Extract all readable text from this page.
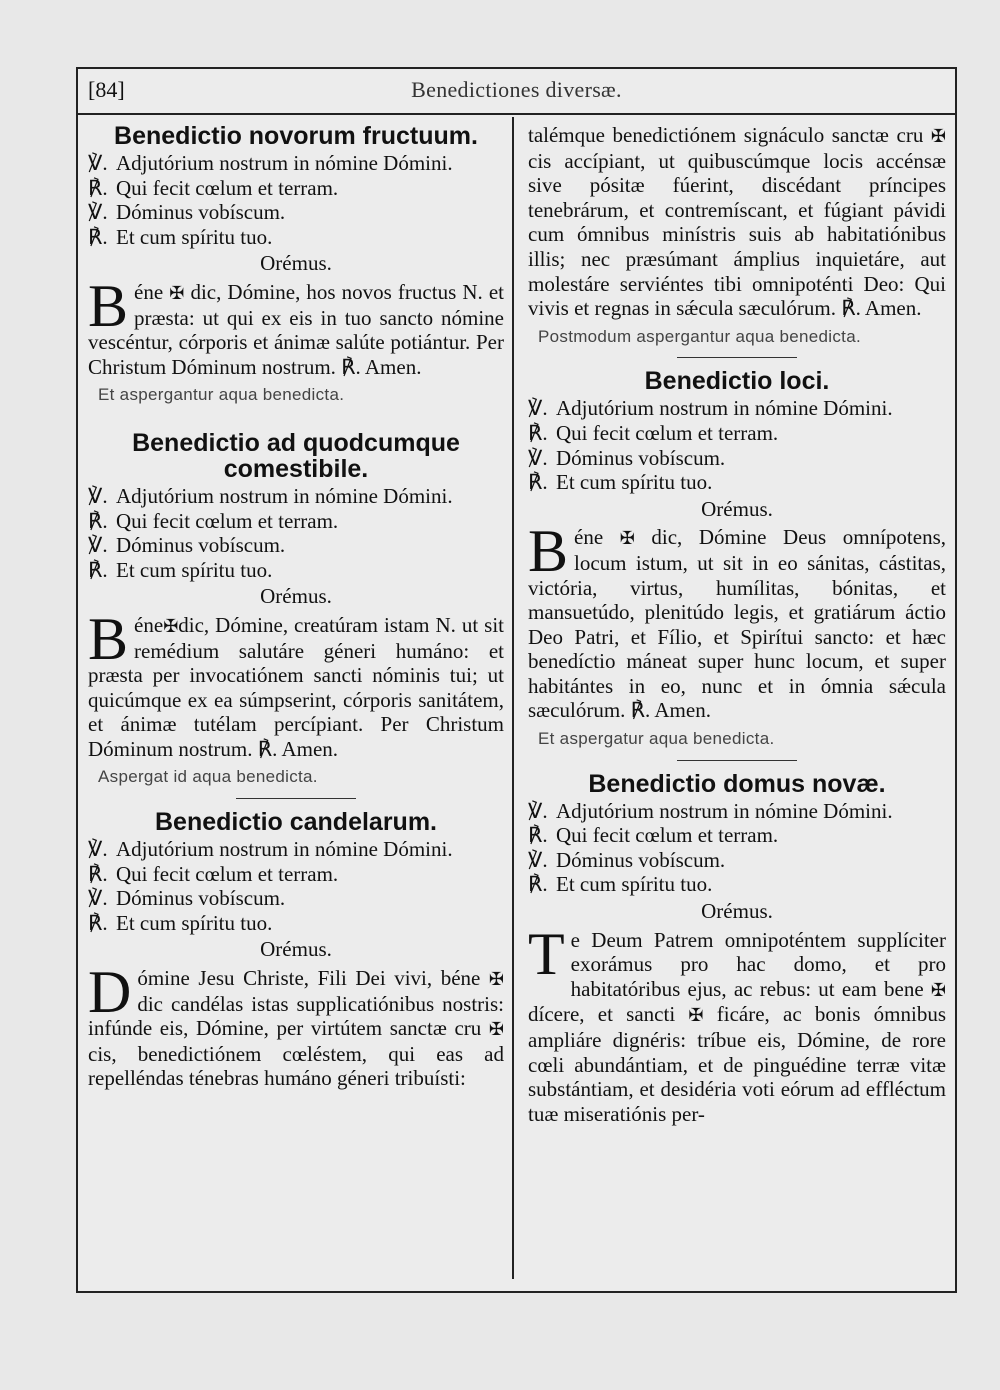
[84]	Benedictiones diversæ.
Benedictio novorum fructuum.
℣. Adjutórium nostrum in nómine Dómini.
℟. Qui fecit cœlum et terram.
℣. Dóminus vobíscum.
℟. Et cum spíritu tuo.
Orémus.
Béne ✠ dic, Dómine, hos novos fructus N. et præsta: ut qui ex eis in tuo sancto nómine vescéntur, córporis et ánimæ salúte potiántur. Per Christum Dóminum nostrum. ℟. Amen.
Et aspergantur aqua benedicta.
Benedictio ad quodcumque comestibile.
℣. Adjutórium nostrum in nómine Dómini.
℟. Qui fecit cœlum et terram.
℣. Dóminus vobíscum.
℟. Et cum spíritu tuo.
Orémus.
Béne✠dic, Dómine, creatúram istam N. ut sit remédium salutáre géneri humáno: et præsta per invocatiónem sancti nóminis tui; ut quicúmque ex ea súmpserint, córporis sanitátem, et ánimæ tutélam percípiant. Per Christum Dóminum nostrum. ℟. Amen.
Aspergat id aqua benedicta.
Benedictio candelarum.
℣. Adjutórium nostrum in nómine Dómini.
℟. Qui fecit cœlum et terram.
℣. Dóminus vobíscum.
℟. Et cum spíritu tuo.
Orémus.
Dómine Jesu Christe, Fili Dei vivi, béne ✠ dic candélas istas supplicatiónibus nostris: infúnde eis, Dómine, per virtútem sanctæ cru ✠ cis, benedictiónem cœléstem, qui eas ad repelléndas ténebras humáno géneri tribuísti:
talémque benedictiónem signáculo sanctæ cru ✠ cis accípiant, ut quibuscúmque locis accénsæ sive pósitæ fúerint, discédant príncipes tenebrárum, et contremíscant, et fúgiant pávidi cum ómnibus minístris suis ab habitatiónibus illis; nec præsúmant ámplius inquietáre, aut molestáre serviéntes tibi omnipoténti Deo: Qui vivis et regnas in sǽcula sæculórum. ℟. Amen.
Postmodum aspergantur aqua benedicta.
Benedictio loci.
℣. Adjutórium nostrum in nómine Dómini.
℟. Qui fecit cœlum et terram.
℣. Dóminus vobíscum.
℟. Et cum spíritu tuo.
Orémus.
Béne ✠ dic, Dómine Deus omnípotens, locum istum, ut sit in eo sánitas, cástitas, victória, virtus, humílitas, bónitas, et mansuetúdo, plenitúdo legis, et gratiárum áctio Deo Patri, et Fílio, et Spirítui sancto: et hæc benedíctio máneat super hunc locum, et super habitántes in eo, nunc et in ómnia sǽcula sæculórum. ℟. Amen.
Et aspergatur aqua benedicta.
Benedictio domus novæ.
℣. Adjutórium nostrum in nómine Dómini.
℟. Qui fecit cœlum et terram.
℣. Dóminus vobíscum.
℟. Et cum spíritu tuo.
Orémus.
Te Deum Patrem omnipoténtem supplíciter exorámus pro hac domo, et pro habitatóribus ejus, ac rebus: ut eam bene ✠ dícere, et sancti ✠ ficáre, ac bonis ómnibus ampliáre dignéris: tríbue eis, Dómine, de rore cœli abundántiam, et de pinguédine terræ vitæ substántiam, et desidéria voti eórum ad effléctum tuæ miseratiónis per-
